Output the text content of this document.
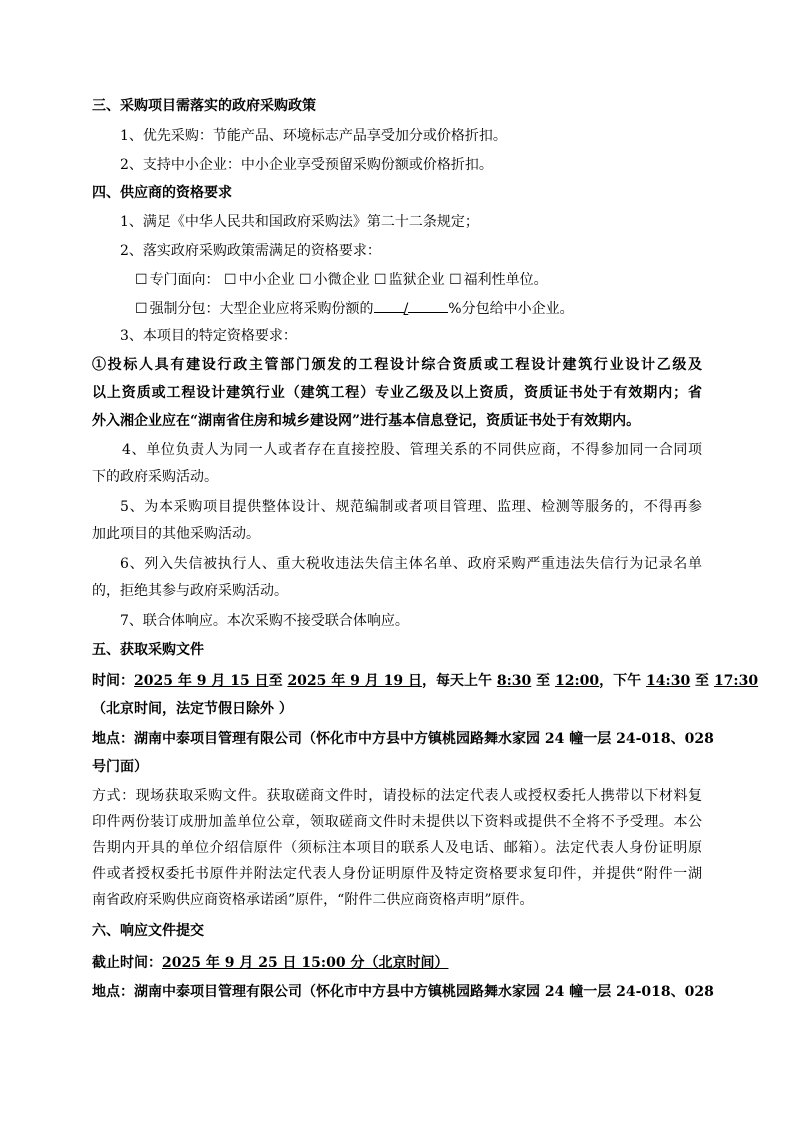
三、采购项目需落实的政府采购政策
1、优先采购：节能产品、环境标志产品享受加分或价格折扣。
2、支持中小企业：中小企业享受预留采购份额或价格折扣。
四、供应商的资格要求
1、满足《中华人民共和国政府采购法》第二十二条规定；
2、落实政府采购政策需满足的资格要求：
☐ 专门面向： ☐ 中小企业 ☐ 小微企业 ☐ 监狱企业 ☐ 福利性单位。
☐ 强制分包：大型企业应将采购份额的 /	%分包给中小企业。
3、本项目的特定资格要求：
①投标人具有建设行政主管部门颁发的工程设计综合资质或工程设计建筑行业设计乙级及
以上资质或工程设计建筑行业（建筑工程）专业乙级及以上资质，资质证书处于有效期内；省
外入湘企业应在“湖南省住房和城乡建设网”进行基本信息登记，资质证书处于有效期内。
4、单位负责人为同一人或者存在直接控股、管理关系的不同供应商，不得参加同一合同项
下的政府采购活动。
5、为本采购项目提供整体设计、规范编制或者项目管理、监理、检测等服务的，不得再参
加此项目的其他采购活动。
6、列入失信被执行人、重大税收违法失信主体名单、政府采购严重违法失信行为记录名单
的，拒绝其参与政府采购活动。
7、联合体响应。本次采购不接受联合体响应。
五、获取采购文件
时间：2025 年 9 月 15 日至 2025 年 9 月 19 日，每天上午 8:30 至 12:00，下午 14:30 至 17:30
（北京时间，法定节假日除外 ）
地点：湖南中泰项目管理有限公司（怀化市中方县中方镇桃园路舞水家园 24 幢一层 24-018、028
号门面）
方式：现场获取采购文件。获取磋商文件时，请投标的法定代表人或授权委托人携带以下材料复
印件两份装订成册加盖单位公章，领取磋商文件时未提供以下资料或提供不全将不予受理。本公
告期内开具的单位介绍信原件（须标注本项目的联系人及电话、邮箱）。法定代表人身份证明原
件或者授权委托书原件并附法定代表人身份证明原件及特定资格要求复印件，并提供“附件一湖
南省政府采购供应商资格承诺函”原件，“附件二供应商资格声明”原件。
六、响应文件提交
截止时间：2025 年 9 月 25 日 15:00 分（北京时间）
地点：湖南中泰项目管理有限公司（怀化市中方县中方镇桃园路舞水家园 24 幢一层 24-018、028
